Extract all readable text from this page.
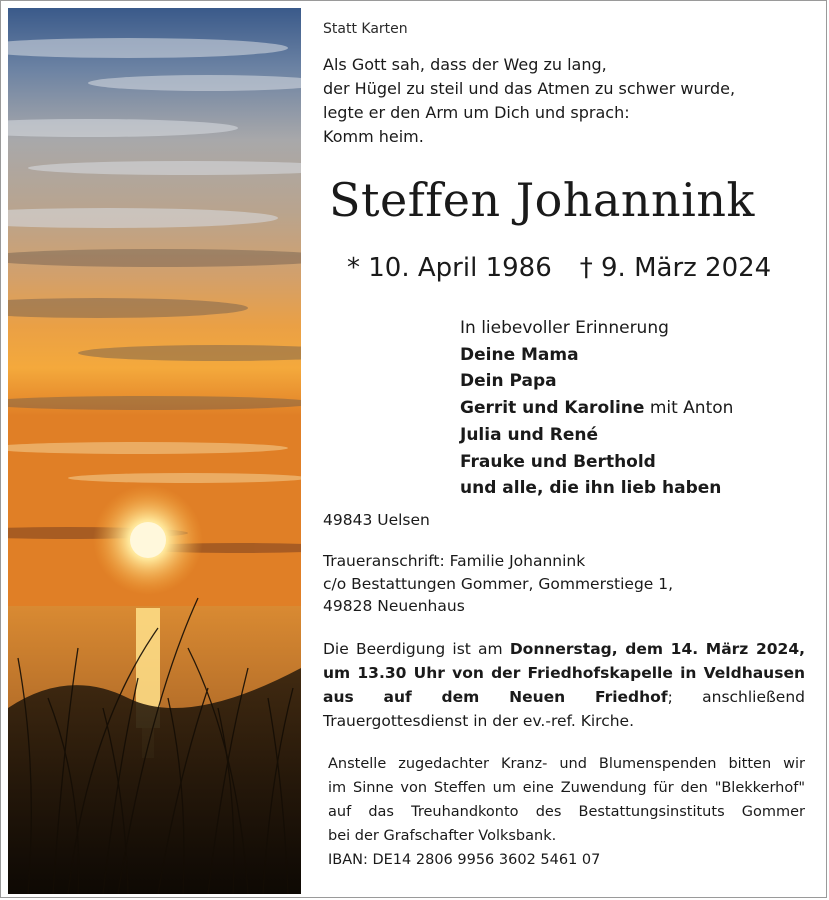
Statt Karten

Als Gott sah, dass der Weg zu lang,
der Hügel zu steil und das Atmen zu schwer wurde,
legte er den Arm um Dich und sprach:
Komm heim.

Steffen Johannink

* 10. April 1986 † 9. März 2024

In liebevoller Erinnerung
Deine Mama
Dein Papa
Gerrit und Karoline mit Anton
Julia und René
Frauke und Berthold
und alle, die ihn lieb haben

49843 Uelsen

Traueranschrift: Familie Johannink
c/o Bestattungen Gommer, Gommerstiege 1,
49828 Neuenhaus
Die Beerdigung ist am Donnerstag, dem 14. März 2024,
um 13.30 Uhr von der Friedhofskapelle in Veldhausen
aus auf dem Neuen Friedhof; anschließend
Trauergottesdienst in der ev.-ref. Kirche.
Anstelle zugedachter Kranz- und Blumenspenden bitten wir
im Sinne von Steffen um eine Zuwendung für den "Blekkerhof"
auf das Treuhandkonto des Bestattungsinstituts Gommer
bei der Grafschafter Volksbank.
IBAN: DE14 2806 9956 3602 5461 07
